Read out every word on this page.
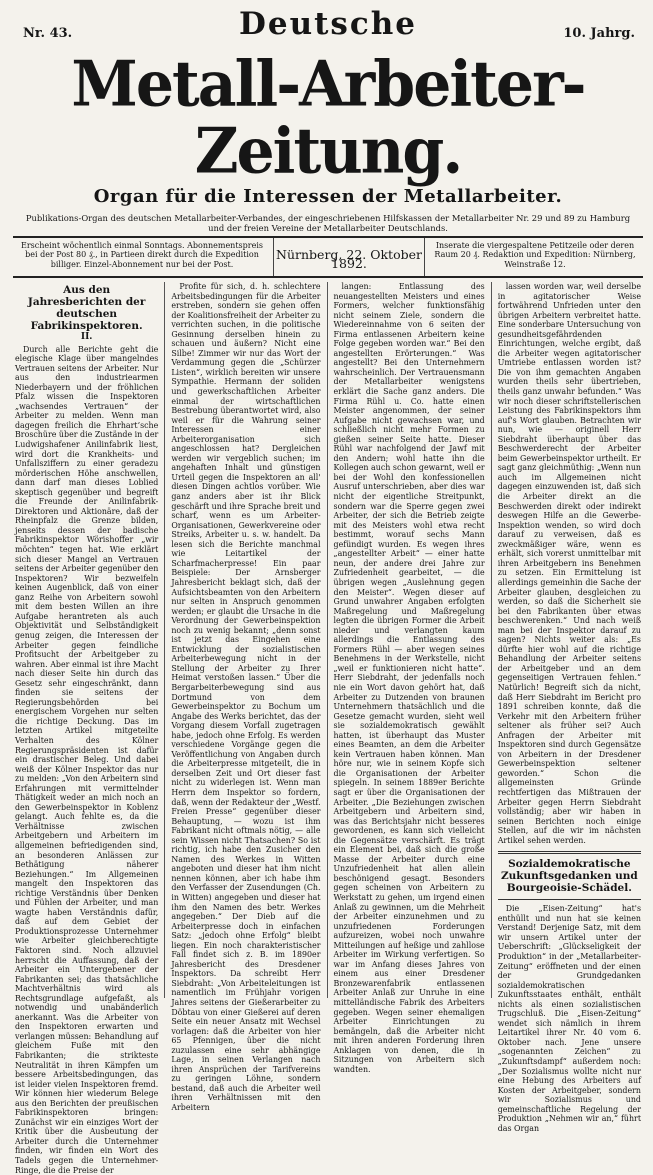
Nr. 43.	Deutsche	10. Jahrg.
Metall-Arbeiter-Zeitung.
Organ für die Interessen der Metallarbeiter.
Publikations-Organ des deutschen Metallarbeiter-Verbandes, der eingeschriebenen Hilfskassen der Metallarbeiter Nr. 29 und 89 zu Hamburg und der freien Vereine der Metallarbeiter Deutschlands.
Erscheint wöchentlich einmal Sonntags. Abonnementspreis bei der Post 80 ₰., in Partieen direkt durch die Expedition billiger. Einzel-Abonnement nur bei der Post.
Nürnberg, 22. Oktober 1892.
Inserate die viergespaltene Petitzeile oder deren Raum 20 ₰. Redaktion und Expedition: Nürnberg, Weinstraße 12.
Aus den Jahresberichten der deutschen Fabrikinspektoren.
II.

Durch alle Berichte geht die elegische Klage über mangelndes Vertrauen seitens der Arbeiter. Nur aus den industriearmen Niederbayern und der fröhlichen Pfalz wissen die Inspektoren „wachsendes Vertrauen“ der Arbeiter zu melden. Wenn man dagegen freilich die Ehrhart’sche Broschüre über die Zustände in der Ludwigshafener Anilinfabrik liest, wird dort die Krankheits- und Unfallsziffern zu einer geradezu mörderischen Höhe anschwellen, dann darf man dieses Loblied skeptisch gegenüber und begreift die Freunde der Anilinfabrik-Direktoren und Aktionäre, daß der Rheinpfalz die Grenze bilden, jenseits dessen der badische Fabrikinspektor Wörishoffer „wir möchten“ tegen hat. Wie erklärt sich dieser Mangel an Vertrauen seitens der Arbeiter gegenüber den Inspektoren? Wir bezweifeln keinen Augenblick, daß von einer ganz Reihe von Arbeitern sowohl mit dem besten Willen an ihre Aufgabe herantreten als auch Objektivität und Selbständigkeit genug zeigen, die Interessen der Arbeiter gegen feindliche Profitsucht der Arbeitgeber zu wahren. Aber einmal ist ihre Macht nach dieser Seite hin durch das Gesetz sehr eingeschränkt, dann finden sie seitens der Regierungsbehörden bei energischem Vorgehen nur selten die richtige Deckung. Das im letzten Artikel mitgeteilte Verhalten des Kölner Regierungspräsidenten ist dafür ein drastischer Beleg. Und dabei weiß der Kölner Inspektor das nur zu melden: „Von den Arbeitern sind Erfahrungen mit vermittelnder Thätigkeit weder an mich noch an den Gewerbeinspektor in Koblenz gelangt. Auch fehlte es, da die Verhältnisse zwischen Arbeitgebern und Arbeitern im allgemeinen befriedigenden sind, an besonderen Anlässen zur Bethätigung näherer Beziehungen.“ Im Allgemeinen mangelt den Inspektoren das richtige Verständnis über Denken und Fühlen der Arbeiter, und man wagte haben Verständnis dafür, daß auf dem Gebiet der Produktionsprozesse Unternehmer wie Arbeiter gleichberechtigte Faktoren sind. Noch allzuviel herrscht die Auffassung, daß der Arbeiter ein Untergebener der Fabrikanten sei; das thatsächliche Machtverhältnis wird als Rechtsgrundlage aufgefaßt, als notwendig und unabänderlich anerkannt. Was die Arbeiter von den Inspektoren erwarten und verlangen müssen: Behandlung auf gleichem Fuße mit den Fabrikanten; die strikteste Neutralität in ihren Kämpfen um bessere Arbeitsbedingungen, das ist leider vielen Inspektoren fremd. Wir können hier wiederum Belege aus den Berichten der preußischen Fabrikinspektoren bringen: Zunächst wir ein einziges Wort der Kritik über die Ausbeutung der Arbeiter durch die Unternehmer finden, wir finden ein Wort des Tadels gegen die Unternehmer-Ringe, die die Preise der

Profite für sich, d. h. schlechtere Arbeitsbedingungen für die Arbeiter erstreben, sondern sie gehen offen der Koalitionsfreiheit der Arbeiter zu verrichten suchen, in die politische Gesinnung derselben hinein zu schauen und äußern? Nicht eine Silbe! Zimmer wir nur das Wort der Verdammung gegen die „Schürzer Listen“, wirklich bereiten wir unsere Sympathie. Hermann der soliden und gewerkschaftlichen Arbeiter einmal der wirtschaftlichen Bestrebung überantwortet wird, also weil er für die Wahrung seiner Interessen einer Arbeiterorganisation sich angeschlossen hat? Dergleichen werden wir vergeblich suchen; im angehaften Inhalt und günstigen Urteil gegen die Inspektoren an all' diesen Dingen achtlos vorüber. Wie ganz anders aber ist ihr Blick geschärft und ihre Sprache breit und scharf, wenn es um Arbeiter-Organisationen, Gewerkvereine oder Streiks, Arbeiter u. s. w. handelt. Da lesen sich die Berichte manchmal wie Leitartikel der Scharfmacherpresse! Ein paar Beispiele: Der Arnsberger Jahresbericht beklagt sich, daß der Aufsichtsbeamten von den Arbeitern nur selten in Anspruch genommen werden; er glaubt die Ursache in die Verordnung der Gewerbeinspektion noch zu wenig bekannt; „denn sonst ist jetzt das Eingehen eine Entwicklung der sozialistischen Arbeiterbewegung nicht in der Stellung der Arbeiter zu Ihrer Heimat verstoßen lassen.“ Über die Bergarbeiterbewegung sind aus Dortmund von dem Gewerbeinspektor zu Bochum um Angabe des Werks berichtet, das der Vorgang diesem Vorfall zugetragen habe, jedoch ohne Erfolg. Es werden verschiedene Vorgänge gegen die Veröffentlichung von Angaben durch die Arbeiterpresse mitgeteilt, die in derselben Zeit und Ort dieser fast nicht zu widerlegen ist. Wenn man Herrn dem Inspektor so fordern, daß, wenn der Redakteur der „Westf. Freien Presse“ gegenüber dieser Behauptung, — wozu ist ihm Fabrikant nicht oftmals nötig, — alle sein Wissen nicht Thatsachen? So ist richtig, ich habe den Zusicher den Namen des Werkes in Witten angeboten und dieser hat ihm nicht nennen können, aber ich habe ihm den Verfasser der Zusendungen (Ch. in Witten) angegeben und dieser hat ihm den Namen des betr. Werkes angegeben.“ Der Dieb auf die Arbeiterpresse doch in einfachen Satz: „jedoch ohne Erfolg“ bleibt liegen. Ein noch charakteristischer Fall findet sich z. B. im 1890er Jahresbericht des Dresdener Inspektors. Da schreibt Herr Siebdraht: „Von Arbeiteleitungen ist namentlich im Frühjahr vorigen Jahres seitens der Gießerarbeiter zu Döbtau von einer Gießerei auf deren Seite ein neuer Ansatz mit Wechsel vorlagen: daß die Arbeiter von hier 65 Pfennigen, über die nicht zuzulassen eine sehr abhängige Lage, in seinen Verlangen nach ihren Ansprüchen der Tarifvereins zu geringen Löhne, sondern bestand, daß auch die Arbeiter weil ihren Verhältnissen mit den Arbeitern

langen: Entlassung des neuangestellten Meisters und eines Formers, welcher funktionsfähig nicht seinem Ziele, sondern die Wiedereinnahme von 6 seiten der Firma entlassenen Arbeitern keine Folge gegeben worden war.“ Bei den angestellten Erörterungen.“ Was angestellt? Bei den Unternehmern wahrscheinlich. Der Vertrauensmann der Metallarbeiter wenigstens erklärt die Sache ganz anders. Die Firma Rühl u. Co. hatte einen Meister angenommen, der seiner Aufgabe nicht gewachsen war, und schließlich nicht mehr Formen zu gießen seiner Seite hatte. Dieser Rühl war nachfolgend der Jawf mit den Andern; wohl hatte ihn die Kollegen auch schon gewarnt, weil er bei der Wohl den konfessionellen Ausruf unterschrieben, aber dies war nicht der eigentliche Streitpunkt, sondern war die Sperre gegen zwei Arbeiter, der sich die Betrieb zeigte mit des Meisters wohl etwa recht bestimmt, worauf sechs Mann gefündigt wurden. Es wegen ihres „angestellter Arbeit“ — einer hatte neun, der andere drei Jahre zur Zufriedenheit gearbeitet, — die übrigen wegen „Auslehnung gegen den Meister“. Wegen dieser auf Grund unwahrer Angaben erfolgten Maßregelung und Maßregelung legten die übrigen Former die Arbeit nieder und verlangten kaum allerdings die Entlassung des Formers Rühl — aber wegen seines Benehmens in der Werkstelle, nicht „weil er funktionieren nicht hatte“. Herr Siebdraht, der jedenfalls noch nie ein Wort davon gehört hat, daß Arbeiter zu Dutzenden von braunen Unternehmern thatsächlich und die Gesetze gemacht wurden, sieht weil sie sozialdemokratisch gewählt hatten, ist überhaupt das Muster eines Beamten, an dem die Arbeiter kein Vertrauen haben können. Man höre nur, wie in seinem Kopfe sich die Organisationen der Arbeiter spiegeln. In seinem 1889er Berichte sagt er über die Organisationen der Arbeiter. „Die Beziehungen zwischen Arbeitgebern und Arbeitern sind, was das Berichtsjahr nicht besseres gewordenen, es kann sich vielleicht die Gegensätze verschärft. Es trägt ein Element bei, daß sich die große Masse der Arbeiter durch eine Unzufriedenheit hat allen allein beschönigend gesagt. Besonders gegen scheinen von Arbeitern zu Werkstatt zu gehen, um irgend einen Anlaß zu gewinnen, um die Mehrheit der Arbeiter einzunehmen und zu unzufriedenen Forderungen aufzureizen, wobei noch unwahre Mitteilungen auf heßige und zahllose Arbeiter im Wirkung verfertigen. So war im Anfang dieses Jahres von einem aus einer Dresdener Bronzewarenfabrik entlassenen Arbeiter Anlaß zur Unruhe in eine mittelländische Fabrik des Arbeiters gegeben. Wegen seiner ehemaligen Arbeiter Einrichtungen zu bemängeln, daß die Arbeiter nicht mit ihren anderen Forderung ihren Anklagen von denen, die in Sitzungen von Arbeitern sich wandten.

lassen worden war, weil derselbe in agitatorischer Weise fortwährend Unfrieden unter den übrigen Arbeitern verbreitet hatte. Eine sonderbare Untersuchung von gesundheitsgefährdenden Einrichtungen, welche ergibt, daß die Arbeiter wegen agitatorischer Umtriebe entlassen worden ist? Die von ihm gemachten Angaben wurden theils sehr übertrieben, theils ganz unwahr befunden.“ Was wir noch dieser schriftstellerischen Leistung des Fabrikinspektors ihm auf's Wort glauben. Betrachten wir nun, wie — originell Herr Siebdraht überhaupt über das Beschwerderecht der Arbeiter beim Gewerbeinspektor urtheilt. Er sagt ganz gleichmüthig: „Wenn nun auch im Allgemeinen nicht dagegen einzuwenden ist, daß sich die Arbeiter direkt an die Beschwerden direkt oder indirekt deswegen Hilfe an die Gewerbe-Inspektion wenden, so wird doch darauf zu verweisen, daß es zweckmäßiger wäre, wenn es erhält, sich vorerst unmittelbar mit ihren Arbeitgebern ins Benehmen zu setzen. Ein Ermittelung ist allerdings gemeinhin die Sache der Arbeiter glauben, desgleichen zu werden, so daß die Sicherheit sie bei den Fabrikanten über etwas beschwerenken.“ Und nach weiß man bei der Inspektor darauf zu sagen? Nichts weiter als: „Es dürfte hier wohl auf die richtige Behandlung der Arbeiter seitens der Arbeitgeber und an dem gegenseitigen Vertrauen fehlen.“ Natürlich! Begreift sich da nicht, daß Herr Siebdraht im Bericht pro 1891 schreiben konnte, daß die Verkehr mit den Arbeitern früher seltener als früher sei? Auch Anfragen der Arbeiter mit Inspektoren sind durch Gegensätze von Arbeitern in der Dresdener Gewerbeinspektion seltener geworden.“ Schon die allgemeinsten Gründe rechtfertigen das Mißtrauen der Arbeiter gegen Herrn Siebdraht vollständig; aber wir haben in seinen Berichten noch einige Stellen, auf die wir im nächsten Artikel sehen werden.

Sozialdemokratische Zukunftsgedanken und Bourgeoisie-Schädel.

Die „Eisen-Zeitung“ hat's enthüllt und nun hat sie keinen Verstand! Derjenige Satz, mit dem wir unsern Artikel unter der Ueberschrift: „Glückseligkeit der Produktion“ in der „Metallarbeiter-Zeitung“ eröffneten und der einen der Grundgedanken sozialdemokratischen Zukunftsstaates enthält, enthält nichts als einen sozialistischen Trugschluß. Die „Eisen-Zeitung“ wendet sich nämlich in ihrem Leitartikel ihrer Nr. 40 vom 6. Oktober nach. Jene unsere „sogenannten Zeichen“ zu „Zukunftsdampf“ außerdem noch: „Der Sozialismus wollte nicht nur eine Hebung des Arbeiters auf Kosten der Arbeitgeber, sondern wir Sozialismus und gemeinschaftliche Regelung der Produktion „Nehmen wir an,“ führt das Organ
